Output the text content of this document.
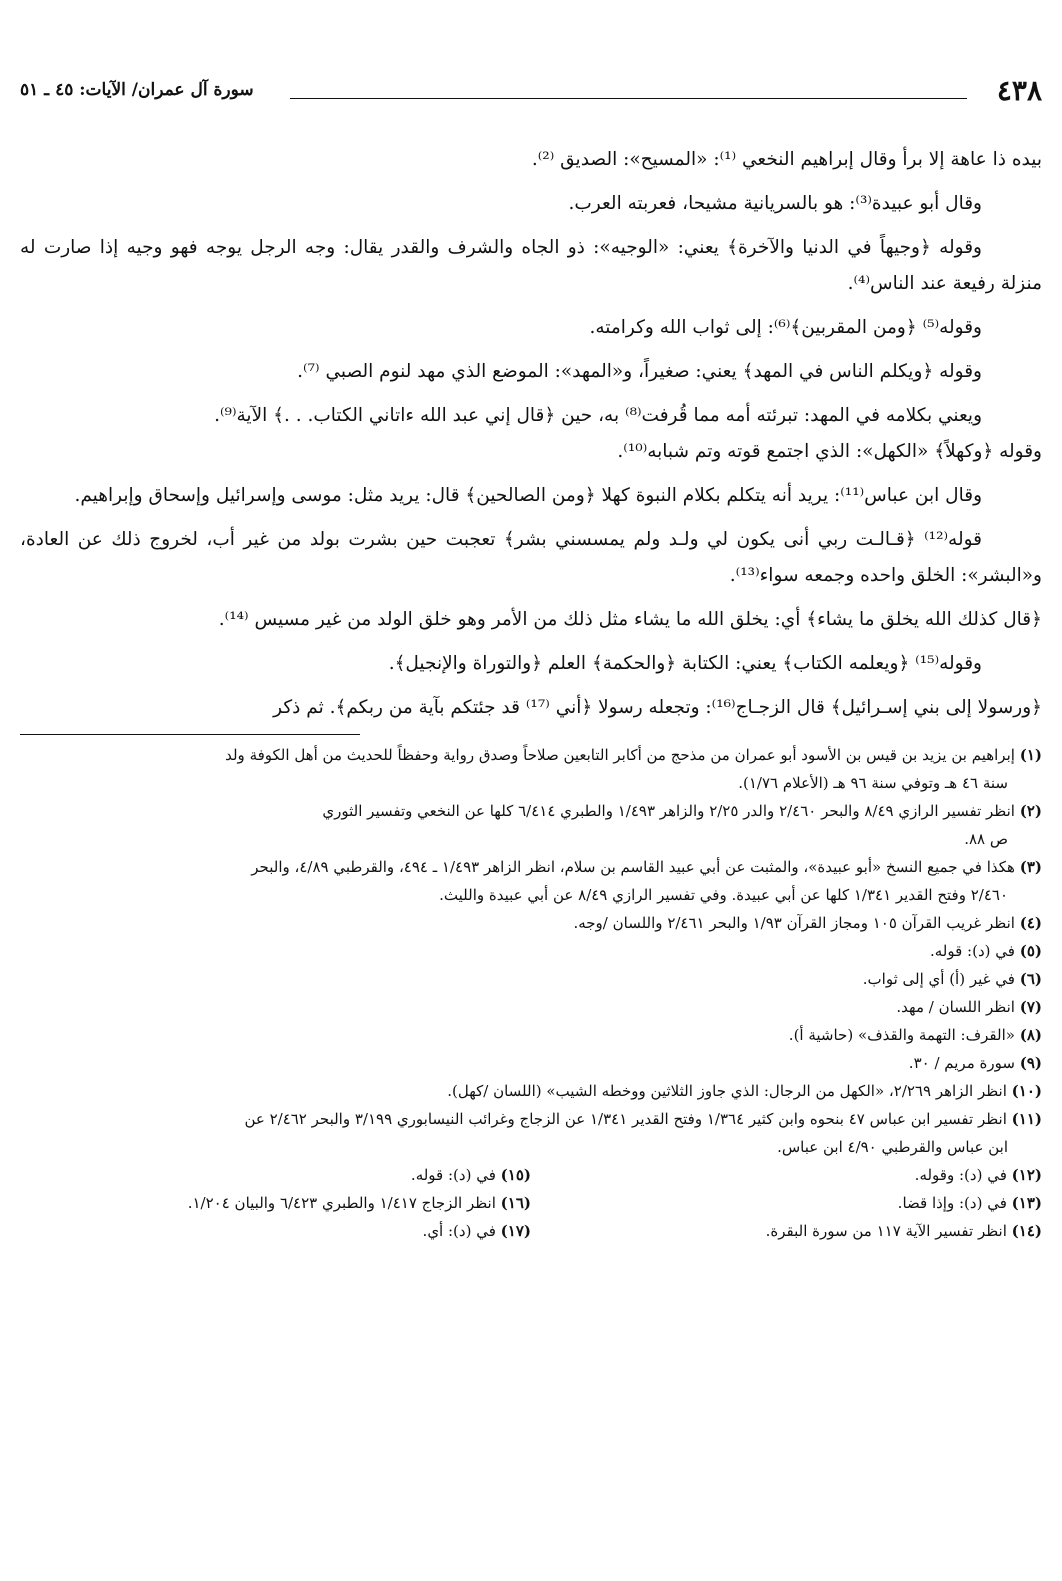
٤٣٨
سورة آل عمران/ الآيات: ٤٥ ـ ٥١

بيده ذا عاهة إلا برأ وقال إبراهيم النخعي ⁽¹⁾: «المسيح»: الصديق ⁽²⁾.

وقال أبو عبيدة⁽³⁾: هو بالسريانية مشيحا، فعربته العرب.

وقوله ﴿وجيهاً في الدنيا والآخرة﴾ يعني: «الوجيه»: ذو الجاه والشرف والقدر يقال: وجه الرجل يوجه فهو وجيه إذا صارت له منزلة رفيعة عند الناس⁽⁴⁾.

وقوله⁽⁵⁾ ﴿ومن المقربين﴾⁽⁶⁾: إلى ثواب الله وكرامته.

وقوله ﴿ويكلم الناس في المهد﴾ يعني: صغيراً، و«المهد»: الموضع الذي مهد لنوم الصبي ⁽⁷⁾.

ويعني بكلامه في المهد: تبرئته أمه مما قُرفت⁽⁸⁾ به، حين ﴿قال إني عبد الله ءاتاني الكتاب. . .﴾ الآية⁽⁹⁾.

وقوله ﴿وكهلاً﴾ «الكهل»: الذي اجتمع قوته وتم شبابه⁽¹⁰⁾.

وقال ابن عباس⁽¹¹⁾: يريد أنه يتكلم بكلام النبوة كهلا ﴿ومن الصالحين﴾ قال: يريد مثل: موسى وإسرائيل وإسحاق وإبراهيم.

قوله⁽¹²⁾ ﴿قـالـت ربي أنى يكون لي ولـد ولم يمسسني بشر﴾ تعجبت حين بشرت بولد من غير أب، لخروج ذلك عن العادة، و«البشر»: الخلق واحده وجمعه سواء⁽¹³⁾.

﴿قال كذلك الله يخلق ما يشاء﴾ أي: يخلق الله ما يشاء مثل ذلك من الأمر وهو خلق الولد من غير مسيس ⁽¹⁴⁾.

وقوله⁽¹⁵⁾ ﴿ويعلمه الكتاب﴾ يعني: الكتابة ﴿والحكمة﴾ العلم ﴿والتوراة والإنجيل﴾.

﴿ورسولا إلى بني إسـرائيل﴾ قال الزجـاج⁽¹⁶⁾: وتجعله رسولا ﴿أني ⁽¹⁷⁾ قد جئتكم بآية من ربكم﴾. ثم ذكر

(١) إبراهيم بن يزيد بن قيس بن الأسود أبو عمران من مذحج من أكابر التابعين صلاحاً وصدق رواية وحفظاً للحديث من أهل الكوفة ولد

سنة ٤٦ هـ وتوفي سنة ٩٦ هـ (الأعلام ١/٧٦).

(٢) انظر تفسير الرازي ٨/٤٩ والبحر ٢/٤٦٠ والدر ٢/٢٥ والزاهر ١/٤٩٣ والطبري ٦/٤١٤ كلها عن النخعي وتفسير الثوري

ص ٨٨.

(٣) هكذا في جميع النسخ «أبو عبيدة»، والمثبت عن أبي عبيد القاسم بن سلام، انظر الزاهر ١/٤٩٣ ـ ٤٩٤، والقرطبي ٤/٨٩، والبحر

٢/٤٦٠ وفتح القدير ١/٣٤١ كلها عن أبي عبيدة. وفي تفسير الرازي ٨/٤٩ عن أبي عبيدة والليث.

(٤) انظر غريب القرآن ١٠٥ ومجاز القرآن ١/٩٣ والبحر ٢/٤٦١ واللسان /وجه.

(٥) في (د): قوله.

(٦) في غير (أ) أي إلى ثواب.

(٧) انظر اللسان / مهد.

(٨) «القرف: التهمة والقذف» (حاشية أ).

(٩) سورة مريم / ٣٠.

(١٠) انظر الزاهر ٢/٢٦٩، «الكهل من الرجال: الذي جاوز الثلاثين ووخطه الشيب» (اللسان /كهل).

(١١) انظر تفسير ابن عباس ٤٧ بنحوه وابن كثير ١/٣٦٤ وفتح القدير ١/٣٤١ عن الزجاج وغرائب النيسابوري ٣/١٩٩ والبحر ٢/٤٦٢ عن

ابن عباس والقرطبي ٤/٩٠ ابن عباس.

(١٢) في (د): وقوله.

(١٣) في (د): وإذا قضا.

(١٤) انظر تفسير الآية ١١٧ من سورة البقرة.

(١٥) في (د): قوله.

(١٦) انظر الزجاج ١/٤١٧ والطبري ٦/٤٢٣ والبيان ١/٢٠٤.

(١٧) في (د): أي.
